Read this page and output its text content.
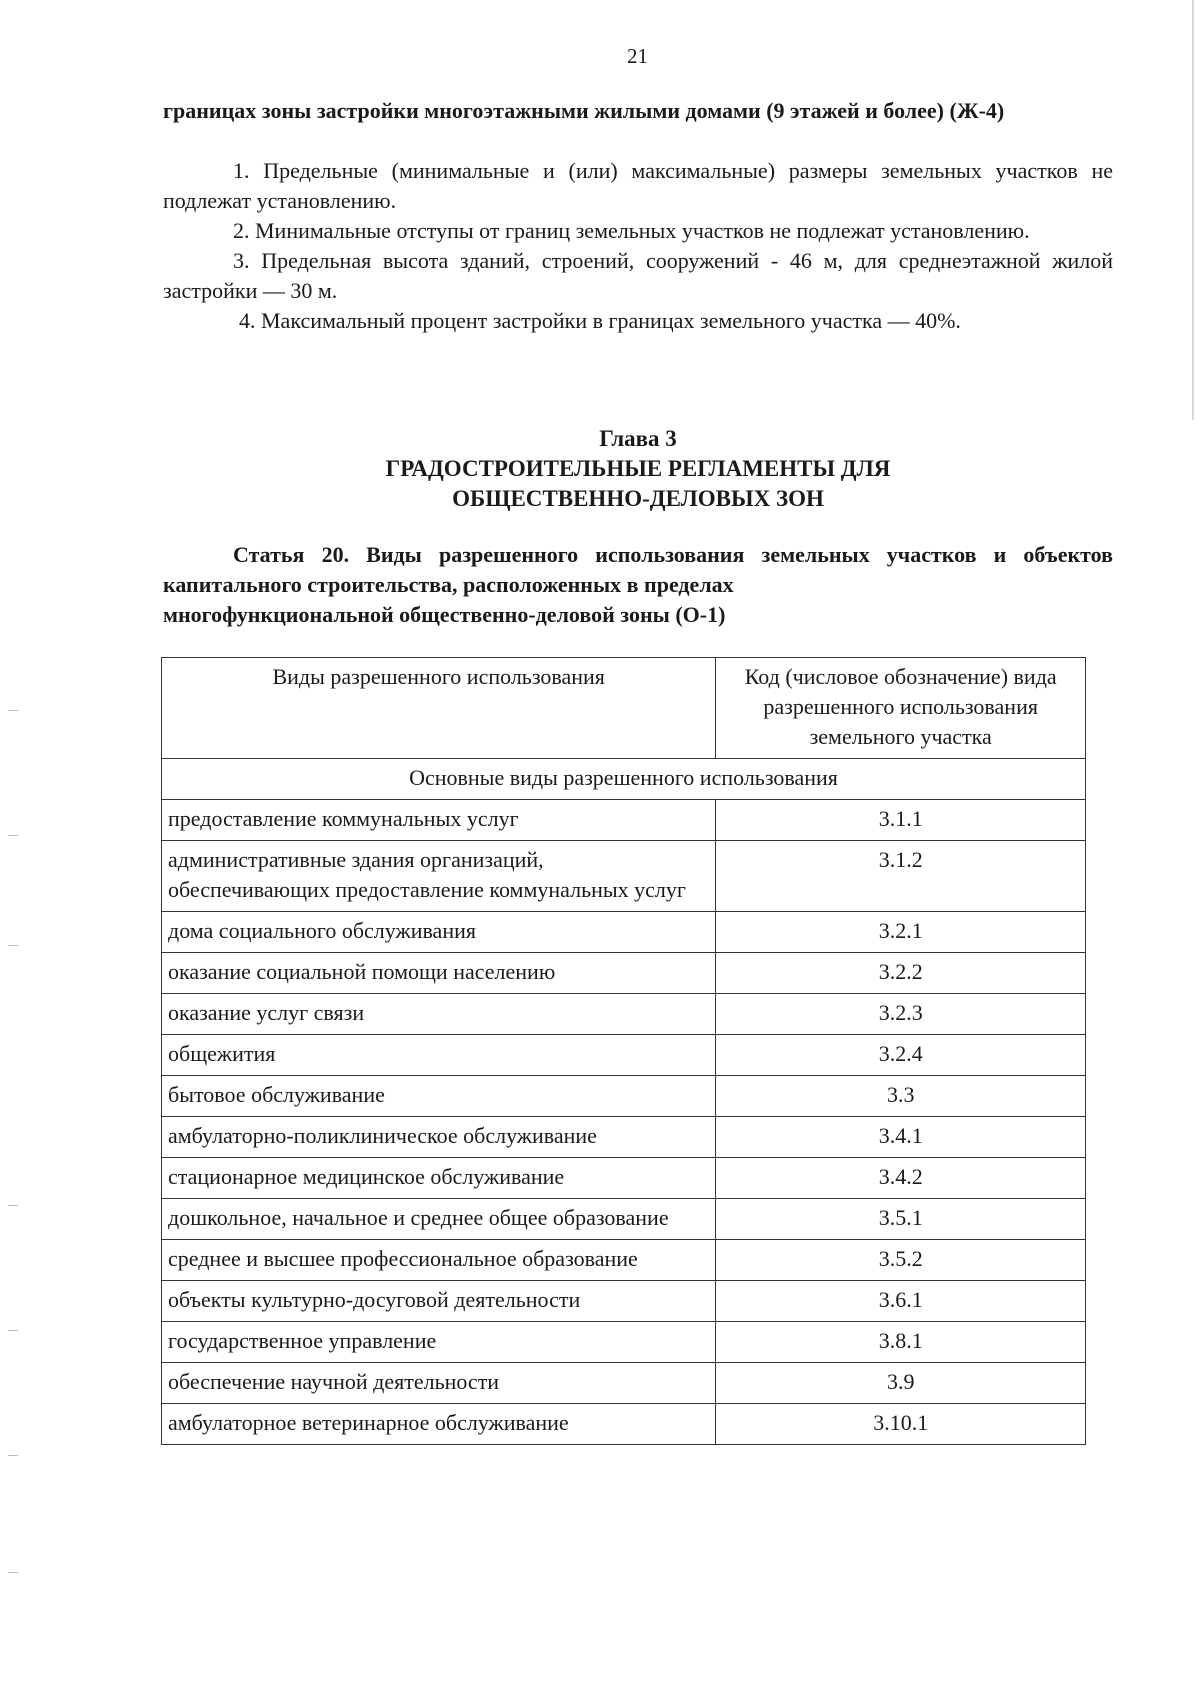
21
границах зоны застройки многоэтажными жилыми домами (9 этажей и более) (Ж-4)

1. Предельные (минимальные и (или) максимальные) размеры земельных участков не подлежат установлению.

2. Минимальные отступы от границ земельных участков не подлежат установлению.

3. Предельная высота зданий, строений, сооружений - 46 м, для среднеэтажной жилой застройки — 30 м.

4. Максимальный процент застройки в границах земельного участка — 40%.

Глава 3
ГРАДОСТРОИТЕЛЬНЫЕ РЕГЛАМЕНТЫ ДЛЯ
ОБЩЕСТВЕННО-ДЕЛОВЫХ ЗОН
Статья 20. Виды разрешенного использования земельных участков и объектов капитального строительства, расположенных в пределах
многофункциональной общественно-деловой зоны (О-1)
Виды разрешенного использования	Код (числовое обозначение) вида разрешенного использования земельного участка
Основные виды разрешенного использования	
предоставление коммунальных услуг	3.1.1
административные здания организаций, обеспечивающих предоставление коммунальных услуг	3.1.2
дома социального обслуживания	3.2.1
оказание социальной помощи населению	3.2.2
оказание услуг связи	3.2.3
общежития	3.2.4
бытовое обслуживание	3.3
амбулаторно-поликлиническое обслуживание	3.4.1
стационарное медицинское обслуживание	3.4.2
дошкольное, начальное и среднее общее образование	3.5.1
среднее и высшее профессиональное образование	3.5.2
объекты культурно-досуговой деятельности	3.6.1
государственное управление	3.8.1
обеспечение научной деятельности	3.9
амбулаторное ветеринарное обслуживание	3.10.1
